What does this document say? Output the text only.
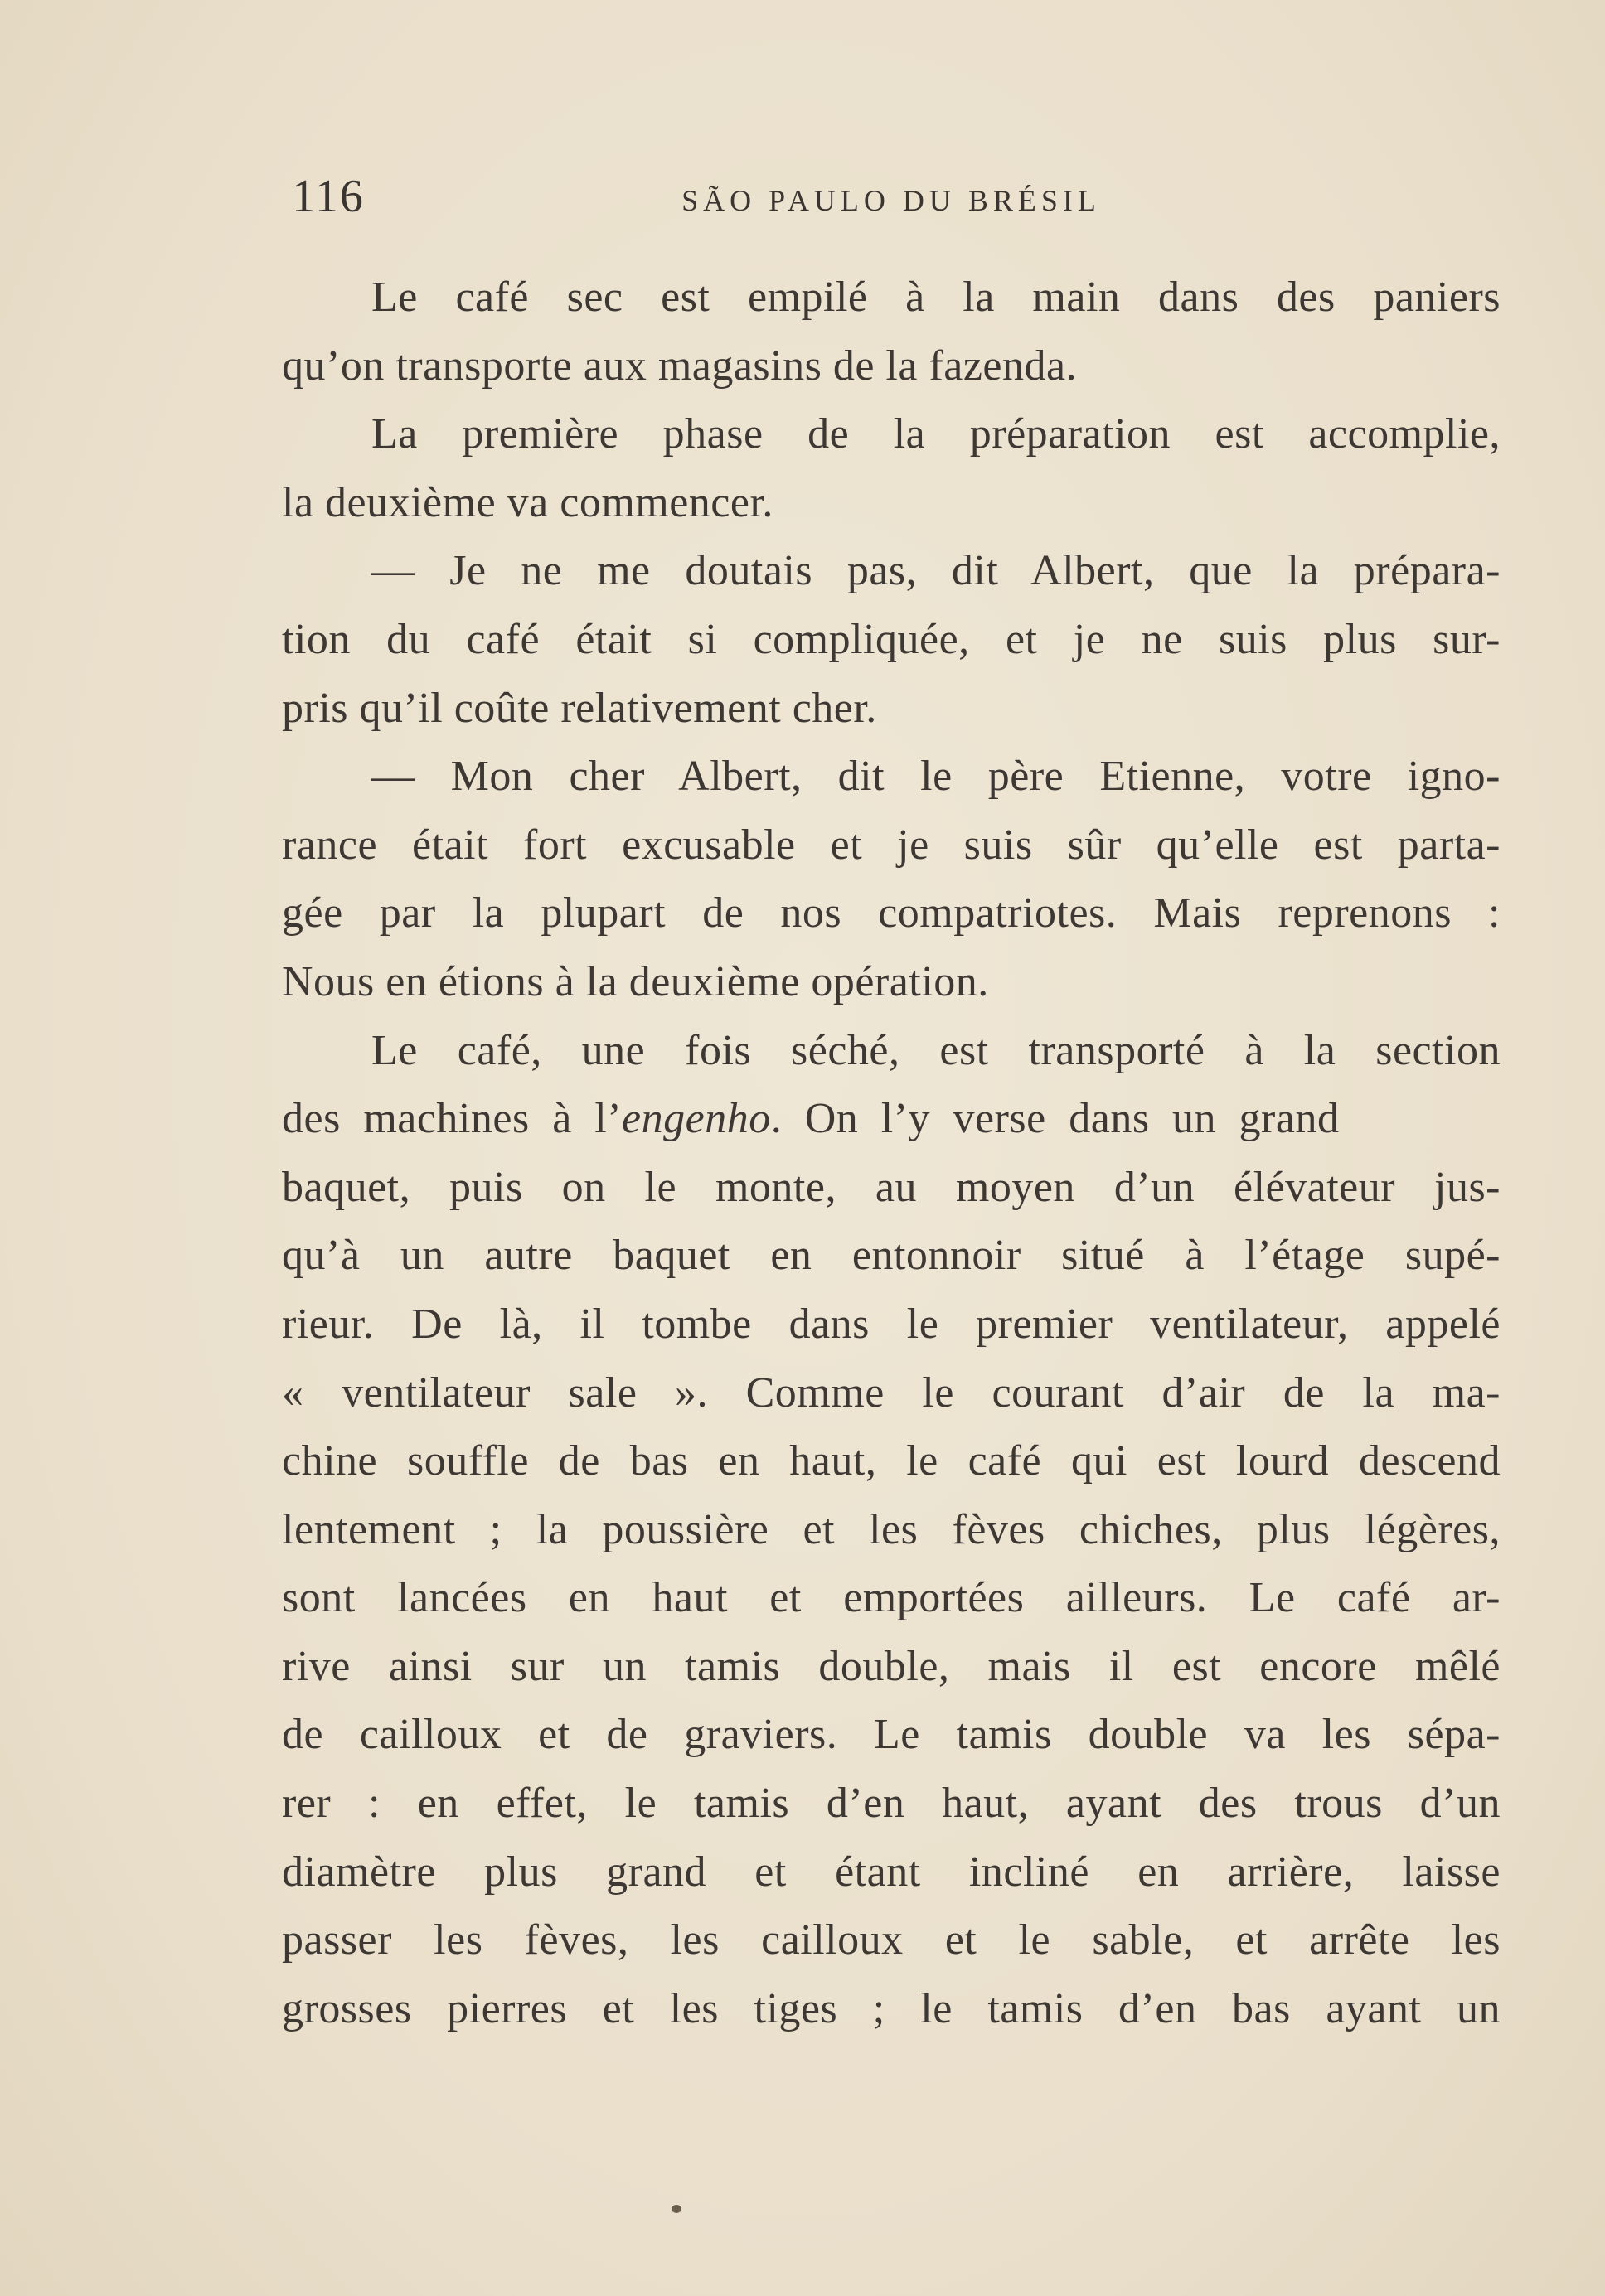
116	SÃO PAULO DU BRÉSIL
Le café sec est empilé à la main dans des paniers
qu’on transporte aux magasins de la fazenda.
La première phase de la préparation est accomplie,
la deuxième va commencer.
— Je ne me doutais pas, dit Albert, que la prépara-
tion du café était si compliquée, et je ne suis plus sur-
pris qu’il coûte relativement cher.
— Mon cher Albert, dit le père Etienne, votre igno-
rance était fort excusable et je suis sûr qu’elle est parta-
gée par la plupart de nos compatriotes. Mais reprenons :
Nous en étions à la deuxième opération.
Le café, une fois séché, est transporté à la section
des machines à l’engenho. On l’y verse dans un grand
baquet, puis on le monte, au moyen d’un élévateur jus-
qu’à un autre baquet en entonnoir situé à l’étage supé-
rieur. De là, il tombe dans le premier ventilateur, appelé
« ventilateur sale ». Comme le courant d’air de la ma-
chine souffle de bas en haut, le café qui est lourd descend
lentement ; la poussière et les fèves chiches, plus légères,
sont lancées en haut et emportées ailleurs. Le café ar-
rive ainsi sur un tamis double, mais il est encore mêlé
de cailloux et de graviers. Le tamis double va les sépa-
rer : en effet, le tamis d’en haut, ayant des trous d’un
diamètre plus grand et étant incliné en arrière, laisse
passer les fèves, les cailloux et le sable, et arrête les
grosses pierres et les tiges ; le tamis d’en bas ayant un
